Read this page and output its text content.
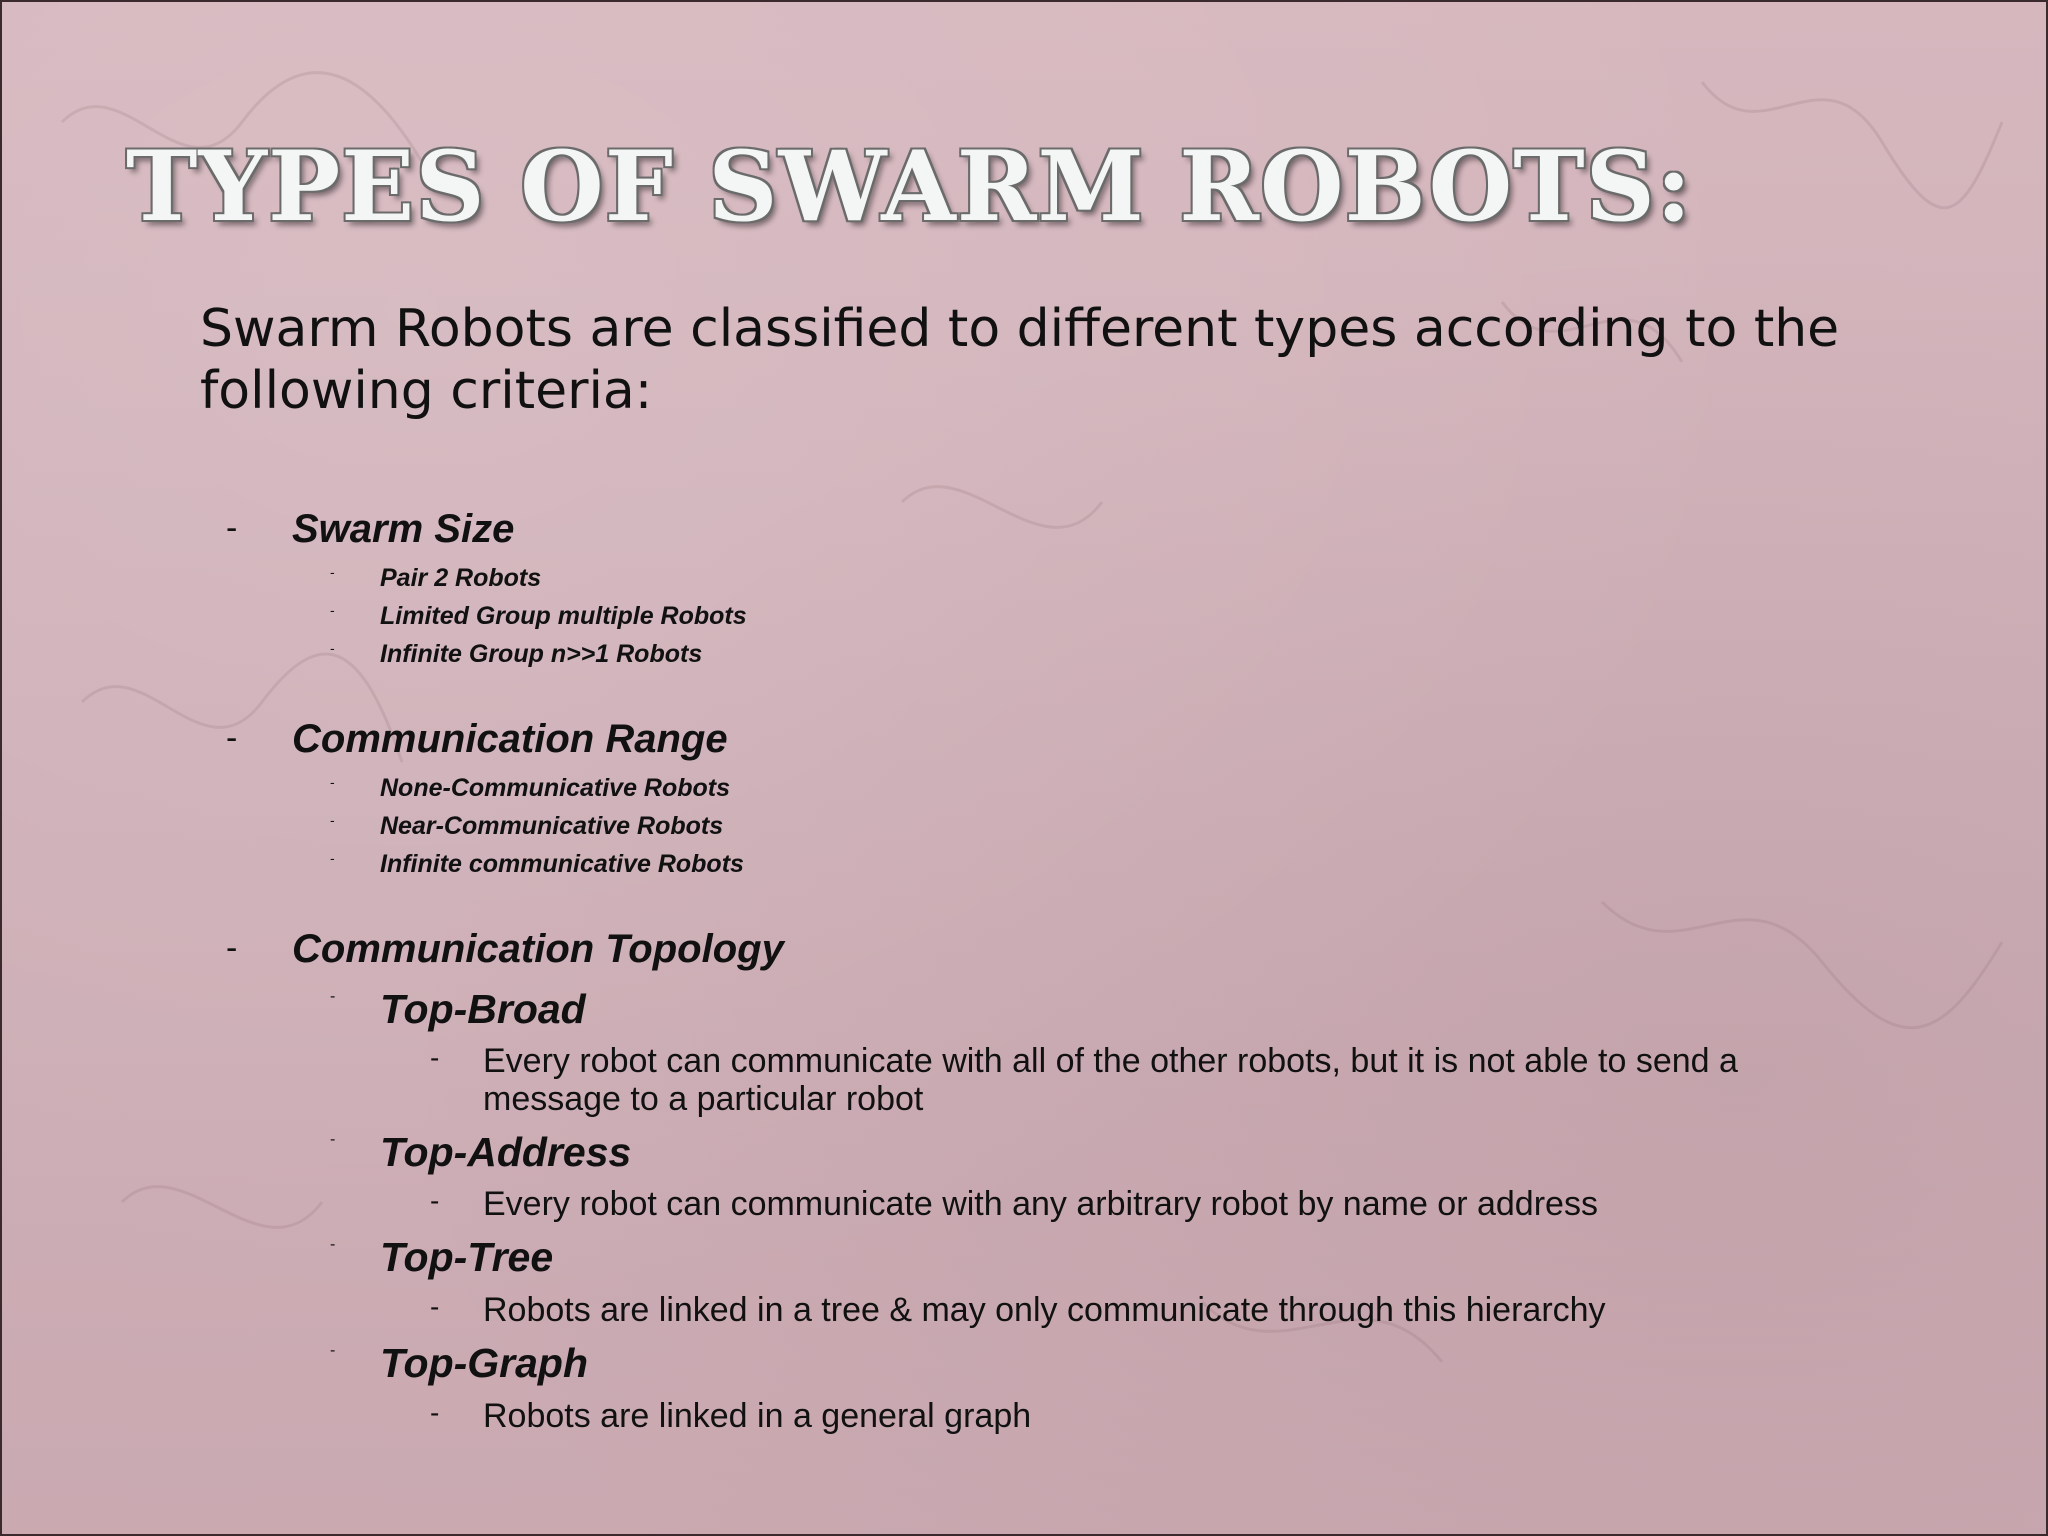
TYPES OF SWARM ROBOTS:

Swarm Robots are classified to different types according to the following criteria:

- Swarm Size
- Pair 2 Robots
- Limited Group multiple Robots
- Infinite Group n>>1 Robots
- Communication Range
- None-Communicative Robots
- Near-Communicative Robots
- Infinite communicative Robots
- Communication Topology
- Top-Broad
- Every robot can communicate with all of the other robots, but it is not able to send a message to a particular robot
- Top-Address
- Every robot can communicate with any arbitrary robot by name or address
- Top-Tree
- Robots are linked in a tree & may only communicate through this hierarchy
- Top-Graph
- Robots are linked in a general graph
